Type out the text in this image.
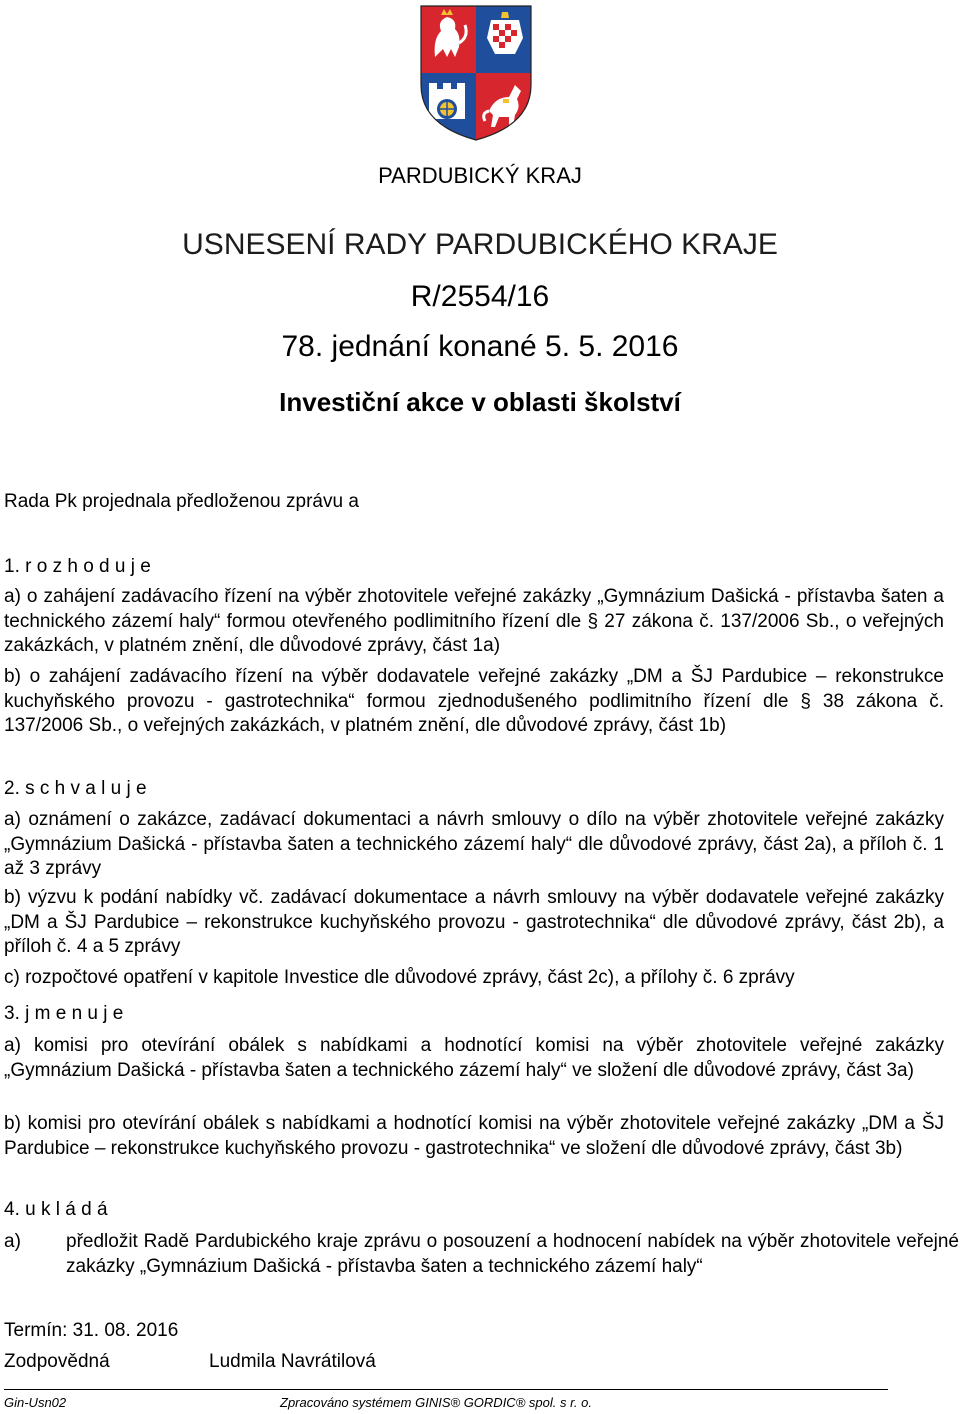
PARDUBICKÝ KRAJ
USNESENÍ RADY PARDUBICKÉHO KRAJE
R/2554/16
78. jednání konané 5. 5. 2016
Investiční akce v oblasti školství
Rada Pk projednala předloženou zprávu a
1. r o z h o d u j e
a) o zahájení zadávacího řízení na výběr zhotovitele veřejné zakázky „Gymnázium Dašická - přístavba šaten a technického zázemí haly“ formou otevřeného podlimitního řízení dle § 27 zákona č. 137/2006 Sb., o veřejných zakázkách, v platném znění, dle důvodové zprávy, část 1a)
b) o zahájení zadávacího řízení na výběr dodavatele veřejné zakázky „DM a ŠJ Pardubice – rekonstrukce kuchyňského provozu - gastrotechnika“ formou zjednodušeného podlimitního řízení dle § 38 zákona č. 137/2006 Sb., o veřejných zakázkách, v platném znění, dle důvodové zprávy, část 1b)
2. s c h v a l u j e
a) oznámení o zakázce, zadávací dokumentaci a návrh smlouvy o dílo na výběr zhotovitele veřejné zakázky „Gymnázium Dašická - přístavba šaten a technického zázemí haly“ dle důvodové zprávy, část 2a), a příloh č. 1 až 3 zprávy
b) výzvu k podání nabídky vč. zadávací dokumentace a návrh smlouvy na výběr dodavatele veřejné zakázky „DM a ŠJ Pardubice – rekonstrukce kuchyňského provozu - gastrotechnika“ dle důvodové zprávy, část 2b), a příloh č. 4 a 5 zprávy
c) rozpočtové opatření v kapitole Investice dle důvodové zprávy, část 2c), a přílohy č. 6 zprávy
3. j m e n u j e
a) komisi pro otevírání obálek s nabídkami a hodnotící komisi na výběr zhotovitele veřejné zakázky „Gymnázium Dašická - přístavba šaten a technického zázemí haly“ ve složení dle důvodové zprávy, část 3a)
b) komisi pro otevírání obálek s nabídkami a hodnotící komisi na výběr zhotovitele veřejné zakázky „DM a ŠJ Pardubice – rekonstrukce kuchyňského provozu - gastrotechnika“ ve složení dle důvodové zprávy, část 3b)
4. u k l á d á
a) předložit Radě Pardubického kraje zprávu o posouzení a hodnocení nabídek na výběr zhotovitele veřejné zakázky „Gymnázium Dašická - přístavba šaten a technického zázemí haly“
Termín: 31. 08. 2016
Zodpovědná	Ludmila Navrátilová
Gin-Usn02	Zpracováno systémem GINIS® GORDIC® spol. s r. o.
